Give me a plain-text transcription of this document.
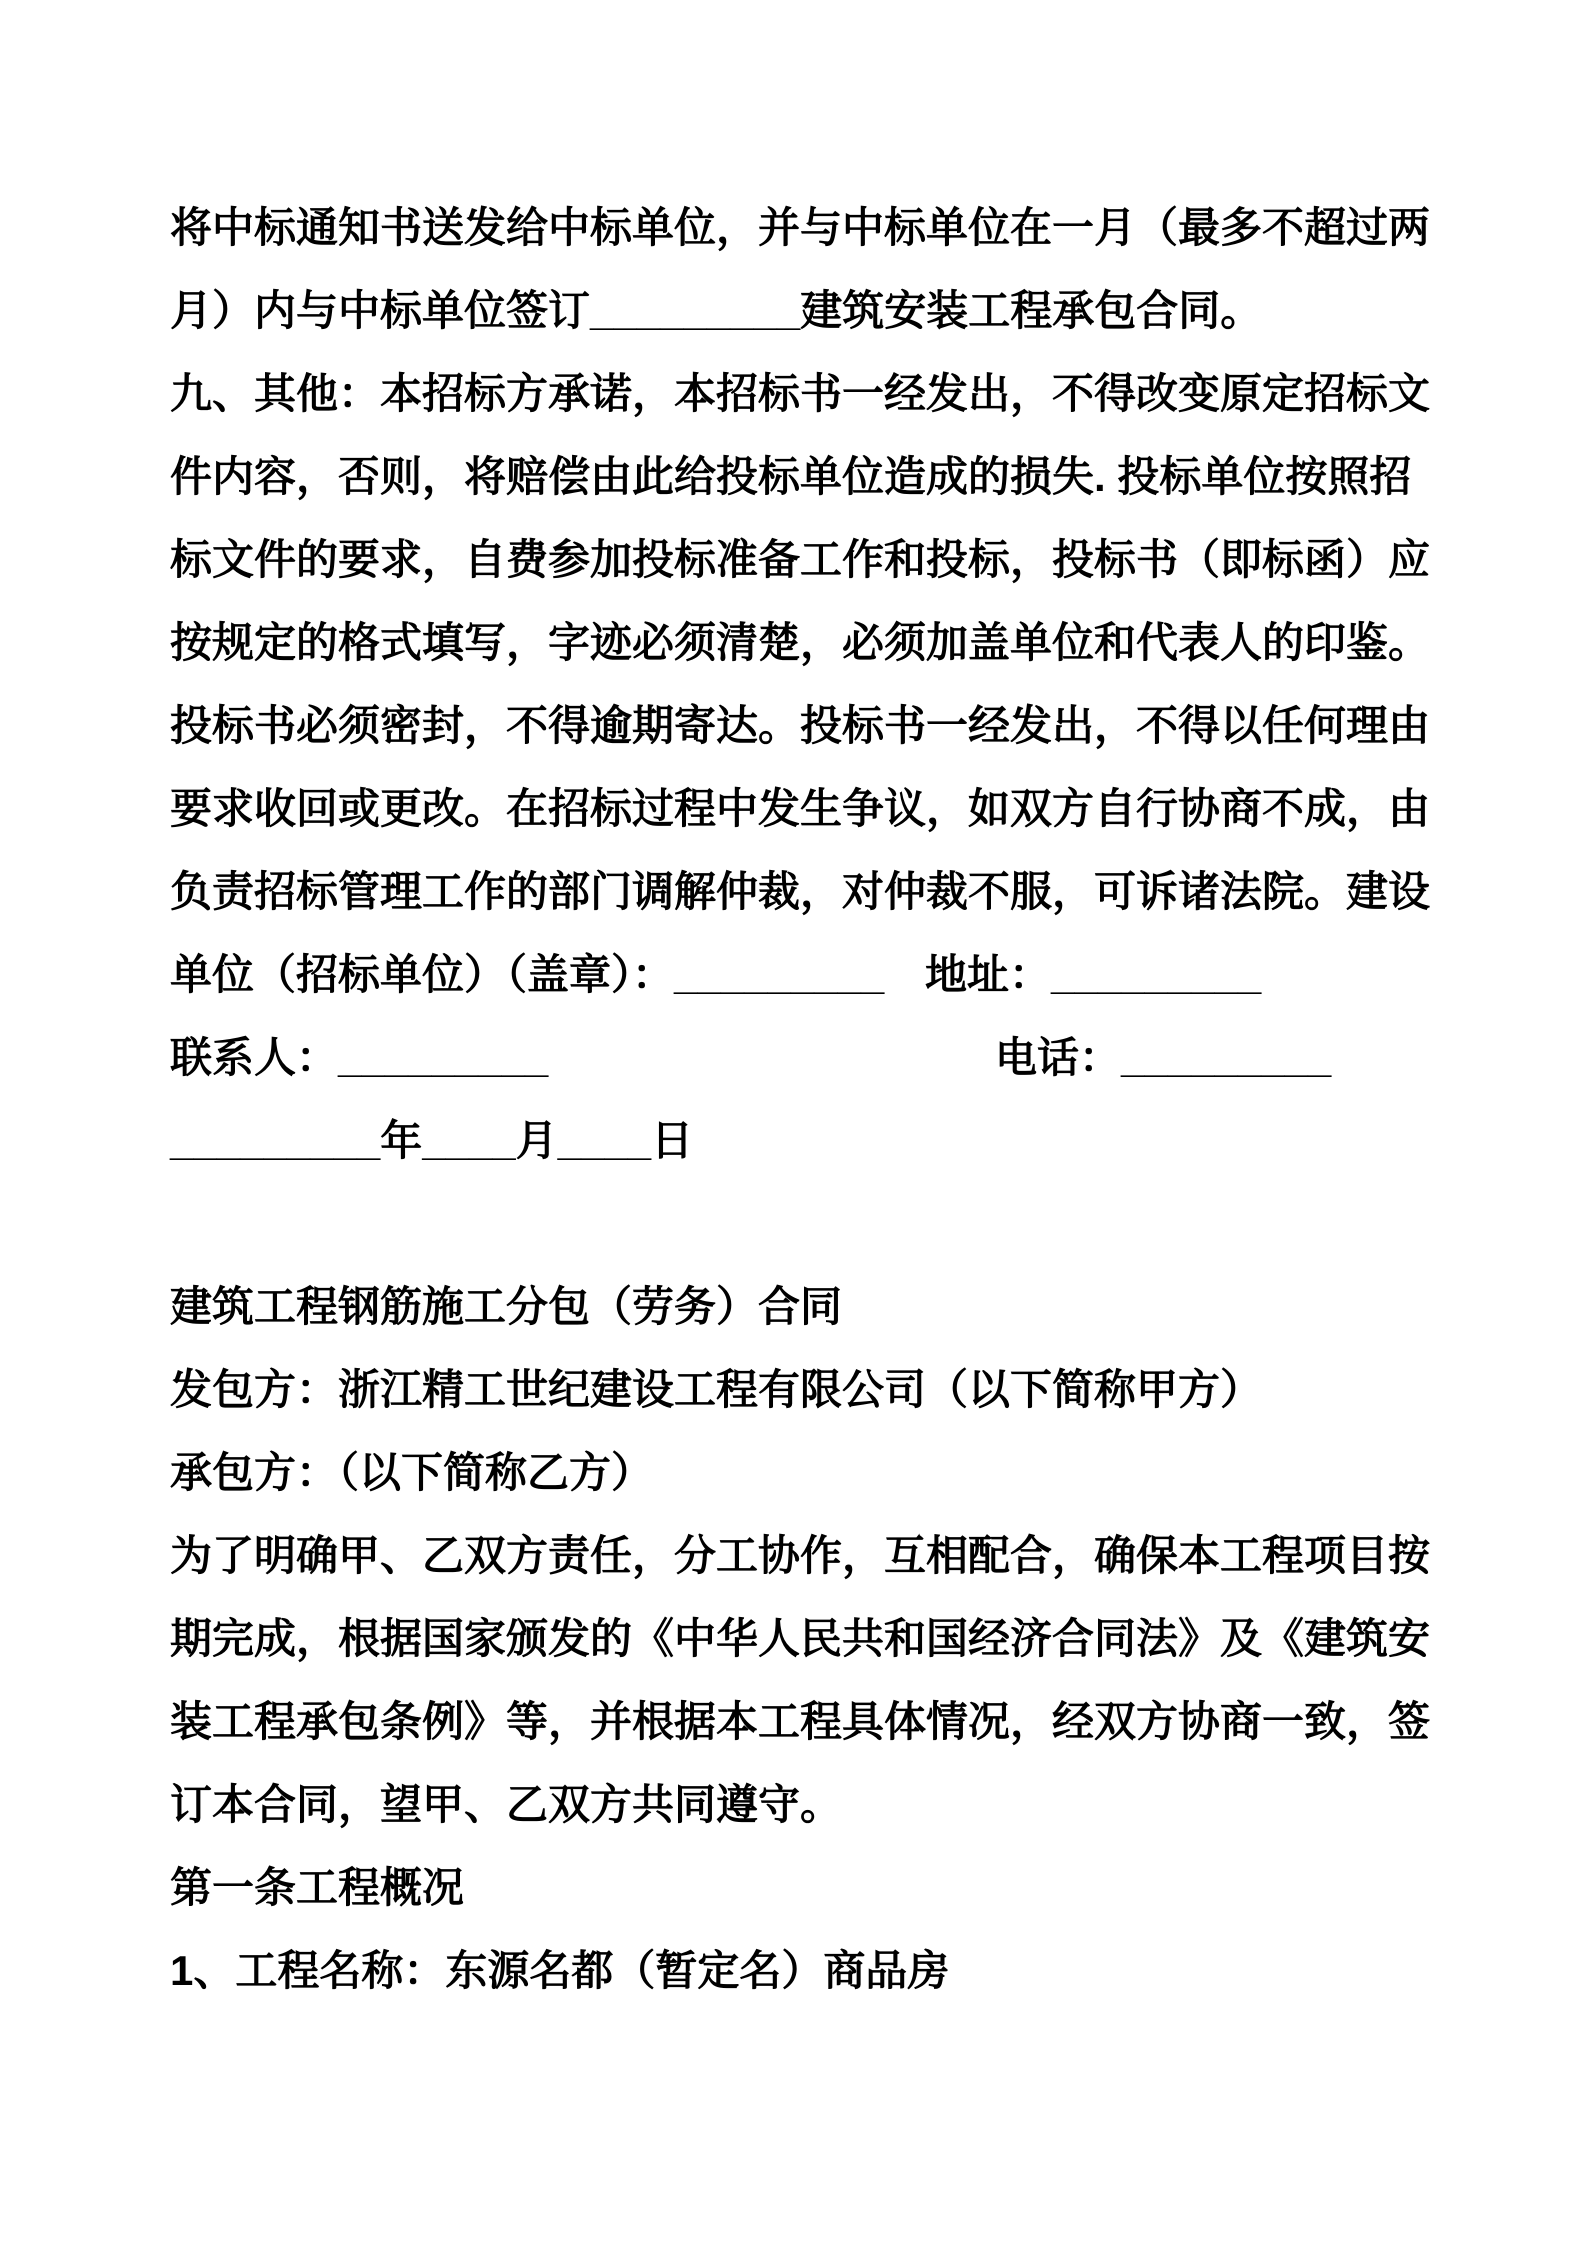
将中标通知书送发给中标单位，并与中标单位在一月（最多不超过两
月）内与中标单位签订_________建筑安装工程承包合同。
九、其他：本招标方承诺，本招标书一经发出，不得改变原定招标文
件内容，否则，将赔偿由此给投标单位造成的损失. 投标单位按照招
标文件的要求，自费参加投标准备工作和投标，投标书（即标函）应
按规定的格式填写，字迹必须清楚，必须加盖单位和代表人的印鉴。
投标书必须密封，不得逾期寄达。投标书一经发出，不得以任何理由
要求收回或更改。在招标过程中发生争议，如双方自行协商不成，由
负责招标管理工作的部门调解仲裁，对仲裁不服，可诉诸法院。建设
单位（招标单位）（盖章）：_________ 地址：_________
联系人：_________	电话：_________
_________年____月____日
建筑工程钢筋施工分包（劳务）合同
发包方：浙江精工世纪建设工程有限公司（以下简称甲方）
承包方：（以下简称乙方）
为了明确甲、乙双方责任，分工协作，互相配合，确保本工程项目按
期完成，根据国家颁发的《中华人民共和国经济合同法》及《建筑安
装工程承包条例》等，并根据本工程具体情况，经双方协商一致，签
订本合同，望甲、乙双方共同遵守。
第一条工程概况
1、工程名称：东源名都（暂定名）商品房
